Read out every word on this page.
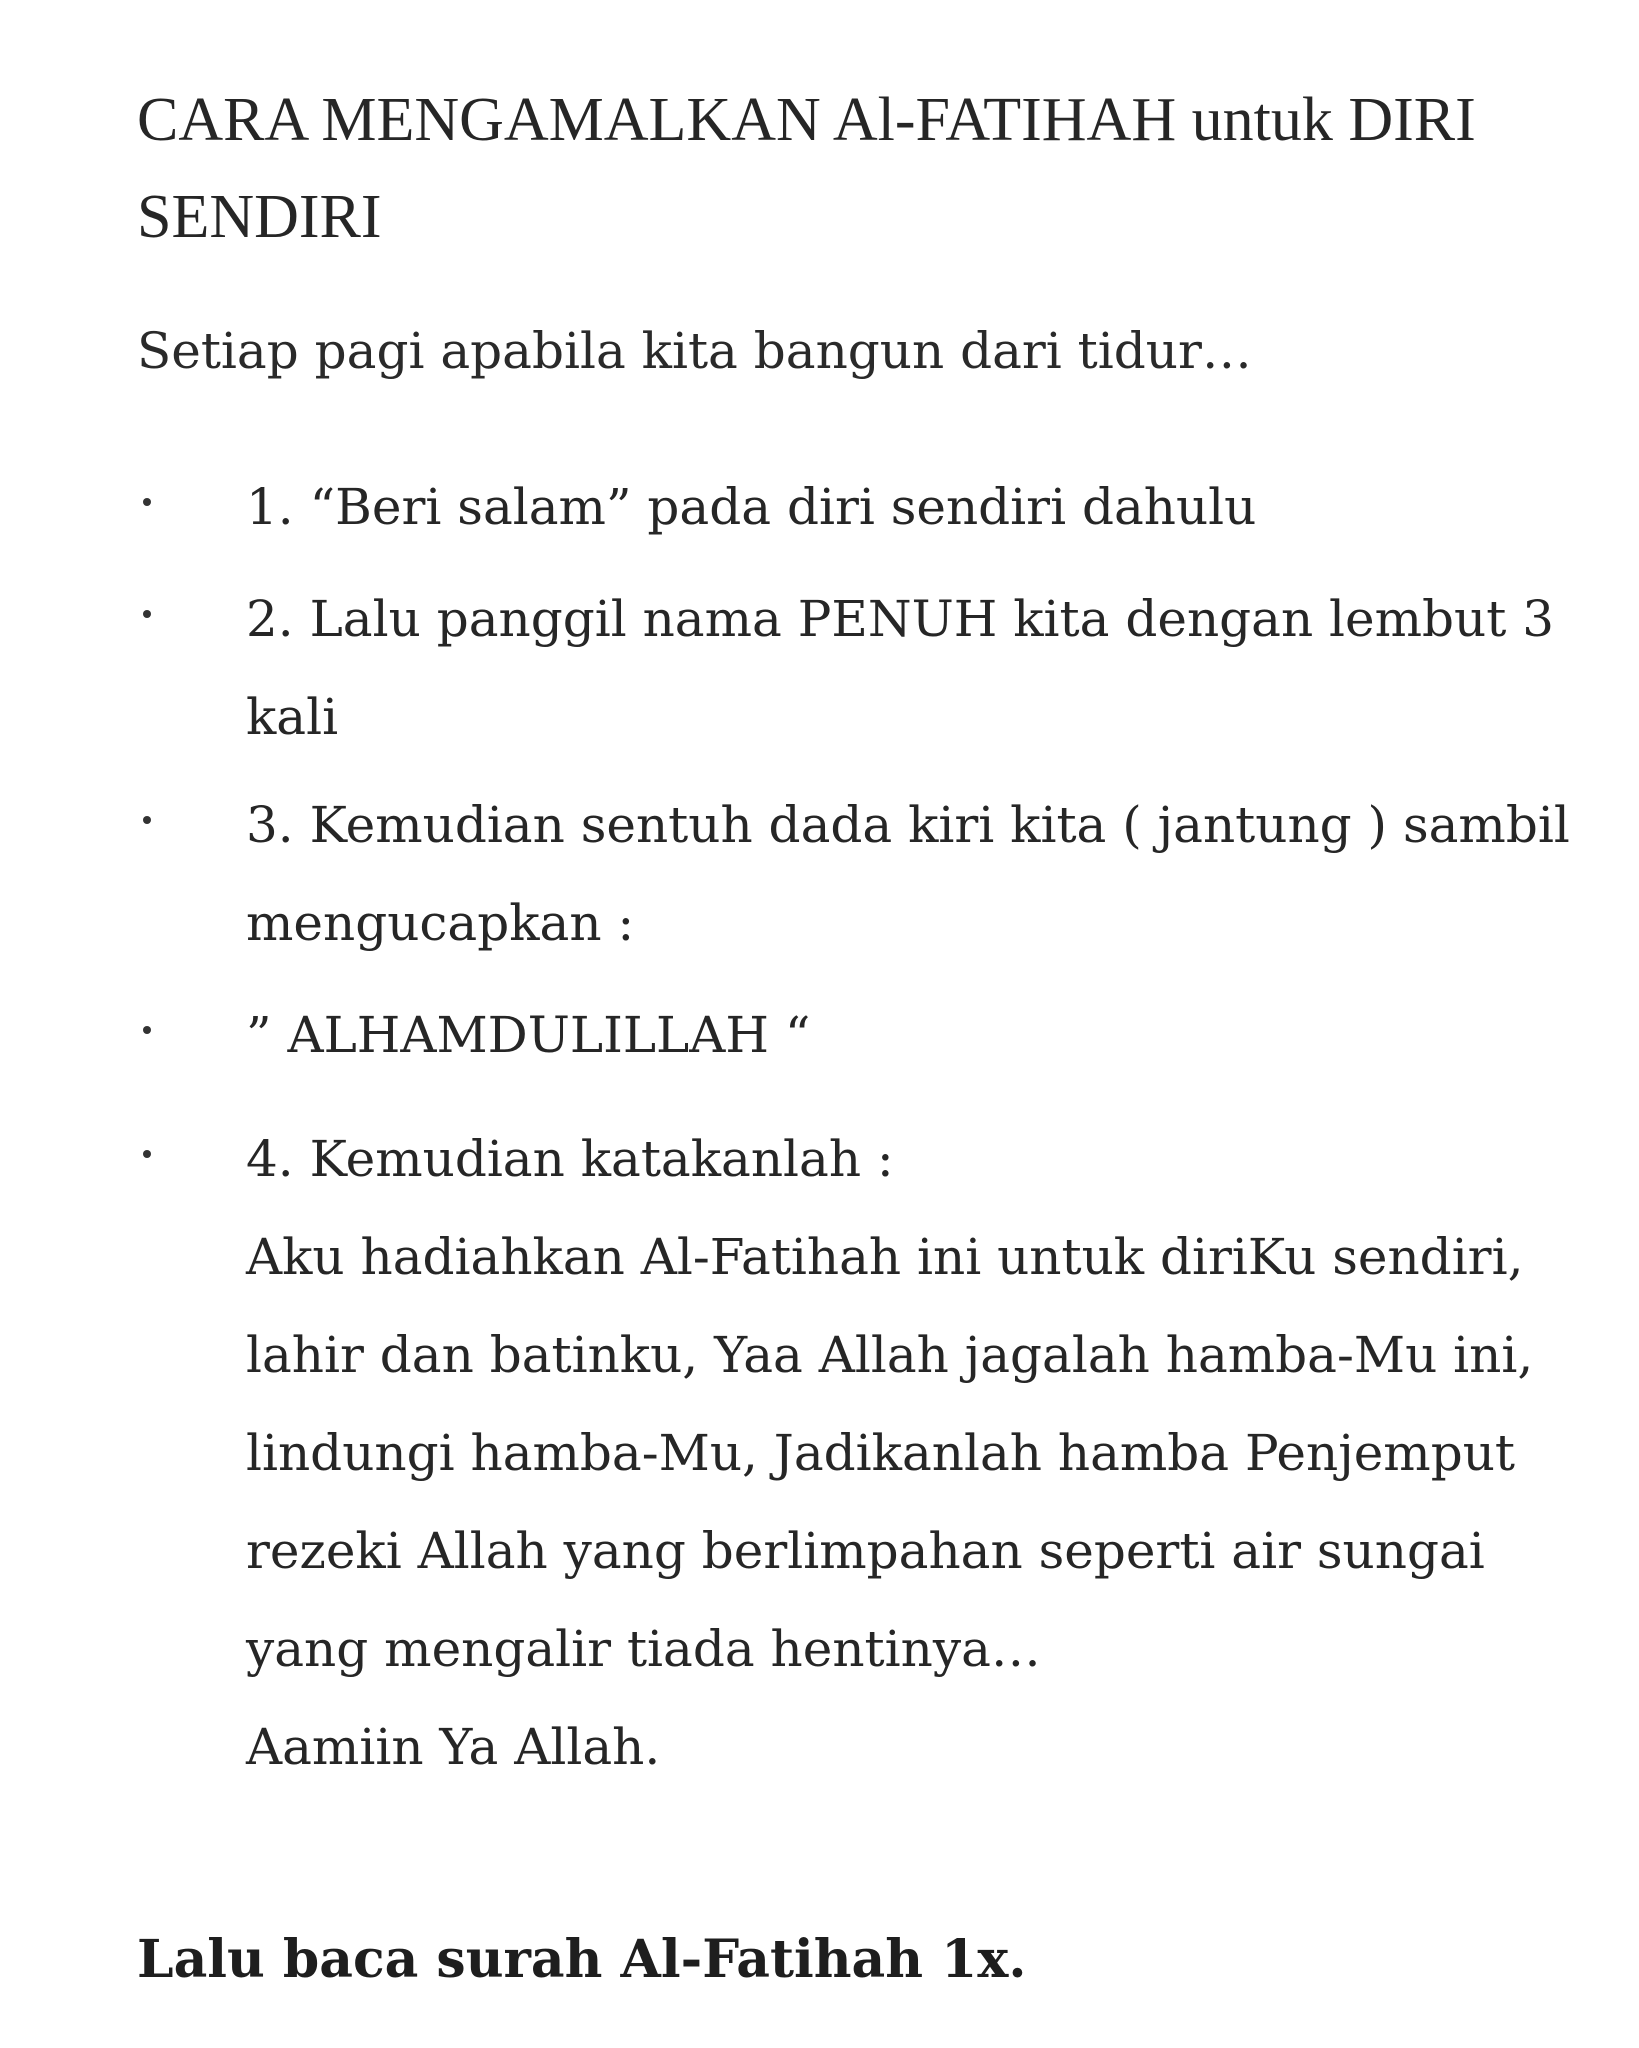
CARA MENGAMALKAN Al-FATIHAH untuk DIRI SENDIRI

Setiap pagi apabila kita bangun dari tidur…

1. “Beri salam” pada diri sendiri dahulu
2. Lalu panggil nama PENUH kita dengan lembut 3 kali
3. Kemudian sentuh dada kiri kita ( jantung ) sambil mengucapkan :
” ALHAMDULILLAH “
4. Kemudian katakanlah :
Aku hadiahkan Al-Fatihah ini untuk diriKu sendiri, lahir dan batinku, Yaa Allah jagalah hamba-Mu ini, lindungi hamba-Mu, Jadikanlah hamba Penjemput rezeki Allah yang berlimpahan seperti air sungai yang mengalir tiada hentinya…
Aamiin Ya Allah.

Lalu baca surah Al-Fatihah 1x.
